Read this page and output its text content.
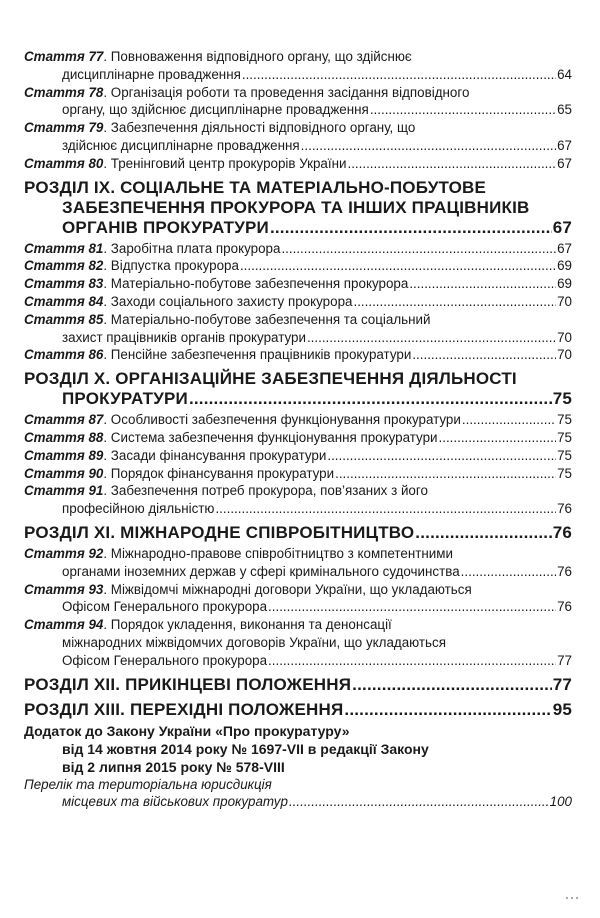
Стаття 77 . Повноваження відповідного органу, що здійснює
дисциплінарне провадження .....	64
Стаття 78 . Організація роботи та проведення засідання відповідного
органу, що здійснює дисциплінарне провадження .....	65
Стаття 79 . Забезпечення діяльності відповідного органу, що
здійснює дисциплінарне провадження .....	67
Стаття 80 . Тренінговий центр прокурорів України .....	67
РОЗДІЛ ІХ. СОЦІАЛЬНЕ ТА МАТЕРІАЛЬНО-ПОБУТОВЕ
ЗАБЕЗПЕЧЕННЯ ПРОКУРОРА ТА ІНШИХ ПРАЦІВНИКІВ
ОРГАНІВ ПРОКУРАТУРИ .....	67
Стаття 81 . Заробітна плата прокурора .....	67
Стаття 82 . Відпустка прокурора .....	69
Стаття 83 . Матеріально-побутове забезпечення прокурора .....	69
Стаття 84 . Заходи соціального захисту прокурора .....	70
Стаття 85 . Матеріально-побутове забезпечення та соціальний
захист працівників органів прокуратури .....	70
Стаття 86 . Пенсійне забезпечення працівників прокуратури .....	70
РОЗДІЛ X. ОРГАНІЗАЦІЙНЕ ЗАБЕЗПЕЧЕННЯ ДІЯЛЬНОСТІ
ПРОКУРАТУРИ .....	75
Стаття 87 . Особливості забезпечення функціонування прокуратури .....	75
Стаття 88 . Система забезпечення функціонування прокуратури .....	75
Стаття 89 . Засади фінансування прокуратури .....	75
Стаття 90 . Порядок фінансування прокуратури .....	75
Стаття 91 . Забезпечення потреб прокурора, пов’язаних з його
професійною діяльністю .....	76
РОЗДІЛ XI. МІЖНАРОДНЕ СПІВРОБІТНИЦТВО .....	76
Стаття 92 . Міжнародно-правове співробітництво з компетентними
органами іноземних держав у сфері кримінального судочинства .....	76
Стаття 93 . Міжвідомчі міжнародні договори України, що укладаються
Офісом Генерального прокурора .....	76
Стаття 94 . Порядок укладення, виконання та денонсації
міжнародних міжвідомчих договорів України, що укладаються
Офісом Генерального прокурора .....	77
РОЗДІЛ XII. ПРИКІНЦЕВІ ПОЛОЖЕННЯ .....	77
РОЗДІЛ XIII. ПЕРЕХІДНІ ПОЛОЖЕННЯ .....	95
Додаток до Закону України «Про прокуратуру»
від 14 жовтня 2014 року № 1697-VII в редакції Закону
від 2 липня 2015 року № 578-VIII
Перелік та територіальна юрисдикція
місцевих та військових прокуратур .....	100
